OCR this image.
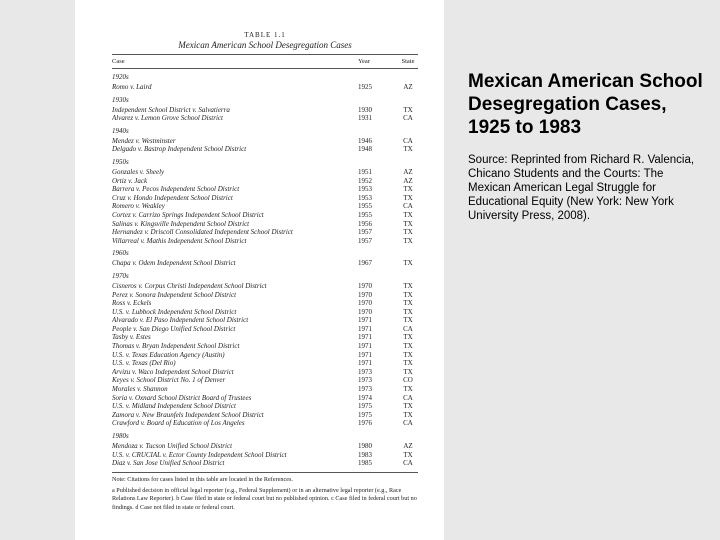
TABLE 1.1
Mexican American School Desegregation Cases
Case	Year	State
1920s
Romo v. Laird	1925	AZ
1930s
Independent School District v. Salvatierra	1930	TX
Alvarez v. Lemon Grove School District	1931	CA
1940s
Mendez v. Westminster	1946	CA
Delgado v. Bastrop Independent School District	1948	TX
1950s
Gonzales v. Sheely	1951	AZ
Ortiz v. Jack	1952	AZ
Barrera v. Pecos Independent School District	1953	TX
Cruz v. Hondo Independent School District	1953	TX
Romero v. Weakley	1955	CA
Cortez v. Carrizo Springs Independent School District	1955	TX
Salinas v. Kingsville Independent School District	1956	TX
Hernandez v. Driscoll Consolidated Independent School District	1957	TX
Villarreal v. Mathis Independent School District	1957	TX
1960s
Chapa v. Odem Independent School District	1967	TX
1970s
Cisneros v. Corpus Christi Independent School District	1970	TX
Perez v. Sonora Independent School District	1970	TX
Ross v. Eckels	1970	TX
U.S. v. Lubbock Independent School District	1970	TX
Alvarado v. El Paso Independent School District	1971	TX
People v. San Diego Unified School District	1971	CA
Tasby v. Estes	1971	TX
Thomas v. Bryan Independent School District	1971	TX
U.S. v. Texas Education Agency (Austin)	1971	TX
U.S. v. Texas (Del Rio)	1971	TX
Arvizu v. Waco Independent School District	1973	TX
Keyes v. School District No. 1 of Denver	1973	CO
Morales v. Shannon	1973	TX
Soria v. Oxnard School District Board of Trustees	1974	CA
U.S. v. Midland Independent School District	1975	TX
Zamora v. New Braunfels Independent School District	1975	TX
Crawford v. Board of Education of Los Angeles	1976	CA
1980s
Mendoza v. Tucson Unified School District	1980	AZ
U.S. v. CRUCIAL v. Ector County Independent School District	1983	TX
Diaz v. San Jose Unified School District	1985	CA

Note: Citations for cases listed in this table are located in the References.

a Published decision in official legal reporter (e.g., Federal Supplement) or in an alternative legal reporter (e.g., Race Relations Law Reporter). b Case filed in state or federal court but no published opinion. c Case filed in federal court but no findings. d Case not filed in state or federal court.

Mexican American School Desegregation Cases, 1925 to 1983
Source: Reprinted from Richard R. Valencia, Chicano Students and the Courts: The Mexican American Legal Struggle for Educational Equity (New York: New York University Press, 2008).
